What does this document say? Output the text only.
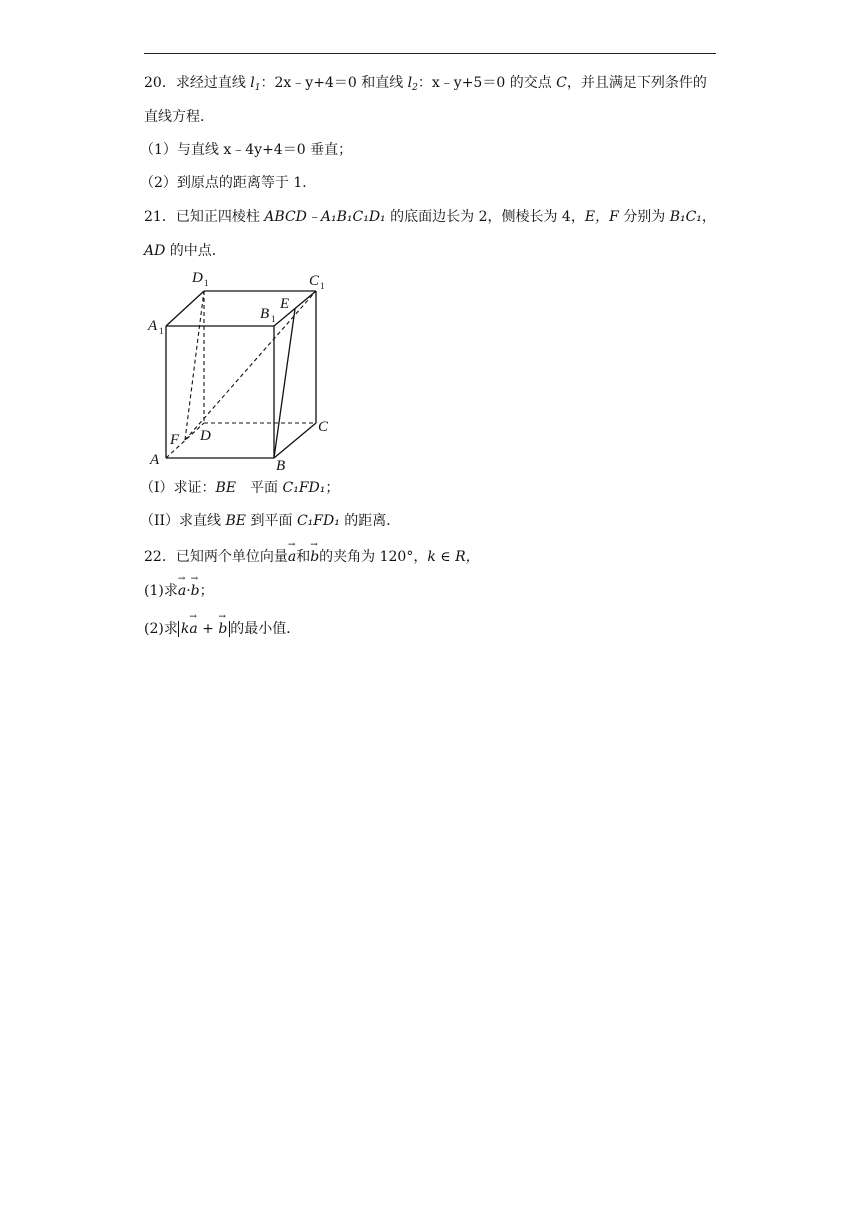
20．求经过直线 $l_1$：2x﹣y+4＝0 和直线 $l_2$：x﹣y+5＝0 的交点 C，并且满足下列条件的
直线方程．
（1）与直线 x﹣4y+4＝0 垂直；
（2）到原点的距离等于 1．
21．已知正四棱柱 ABCD﹣A₁B₁C₁D₁ 的底面边长为 2，侧棱长为 4，E，F 分别为 B₁C₁，
AD 的中点．
A 1
B 1
D 1	C 1
E
C
B
A
F D
（I）求证：BE　平面 C₁FD₁；
（II）求直线 BE 到平面 C₁FD₁ 的距离．
22．已知两个单位向量→ a和→ b的夹角为 120°，k ∈ R，
(1)求→ a·→ b；
(2)求 k→ a + → b 的最小值．
